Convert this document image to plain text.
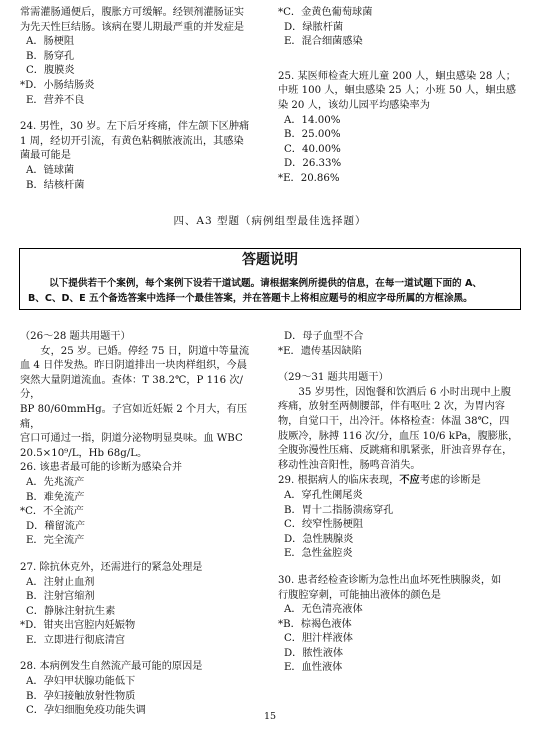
常需灌肠通便后，腹胀方可缓解。经钡剂灌肠证实

为先天性巨结肠。该病在婴儿期最严重的并发症是

A．肠梗阻

B．肠穿孔

C．腹膜炎

*D．小肠结肠炎

E．营养不良

24. 男性，30 岁。左下后牙疼痛，伴左颌下区肿痛

1 周，经切开引流，有黄色粘稠脓液流出，其感染

菌最可能是

A．链球菌

B．结核杆菌

*C．金黄色葡萄球菌

D．绿脓杆菌

E．混合细菌感染

25. 某医师检查大班儿童 200 人，蛔虫感染 28 人；

中班 100 人，蛔虫感染 25 人；小班 50 人，蛔虫感

染 20 人，该幼儿园平均感染率为

A．14.00%

B．25.00%

C．40.00%

D．26.33%

*E．20.86%

四、A3 型题（病例组型最佳选择题）
答题说明
以下提供若干个案例，每个案例下设若干道试题。请根据案例所提供的信息，在每一道试题下面的 A、
B、C、D、E 五个备选答案中选择一个最佳答案，并在答题卡上将相应题号的相应字母所属的方框涂黑。

（26～28 题共用题干）

女，25 岁。已婚。停经 75 日，阴道中等量流

血 4 日伴发热。昨日阴道排出一块肉样组织，今晨

突然大量阴道流血。查体：T 38.2℃，P 116 次/分，

BP 80/60mmHg。子宫如近妊娠 2 个月大，有压痛，

宫口可通过一指，阴道分泌物明显臭味。血 WBC

20.5×10⁹/L，Hb 68g/L。

26. 该患者最可能的诊断为感染合并

A．先兆流产

B．难免流产

*C．不全流产

D．稽留流产

E．完全流产

27. 除抗休克外，还需进行的紧急处理是

A．注射止血剂

B．注射宫缩剂

C．静脉注射抗生素

*D．钳夹出宫腔内妊娠物

E．立即进行彻底清宫

28. 本病例发生自然流产最可能的原因是

A．孕妇甲状腺功能低下

B．孕妇接触放射性物质

C．孕妇细胞免疫功能失调

D．母子血型不合

*E．遗传基因缺陷

（29～31 题共用题干）

35 岁男性，因饱餐和饮酒后 6 小时出现中上腹

疼痛，放射至两侧腰部，伴有呕吐 2 次，为胃内容

物，自觉口干，出冷汗。体格检查：体温 38℃，四

肢厥冷，脉搏 116 次/分，血压 10/6 kPa，腹膨胀，

全腹弥漫性压痛、反跳痛和肌紧张，肝浊音界存在，

移动性浊音阳性，肠鸣音消失。

29. 根据病人的临床表现，不应考虑的诊断是

A．穿孔性阑尾炎

B．胃十二指肠溃疡穿孔

C．绞窄性肠梗阻

D．急性胰腺炎

E．急性盆腔炎

30. 患者经检查诊断为急性出血坏死性胰腺炎，如

行腹腔穿刺，可能抽出液体的颜色是

A．无色清亮液体

*B．棕褐色液体

C．胆汁样液体

D．脓性液体

E．血性液体

15
